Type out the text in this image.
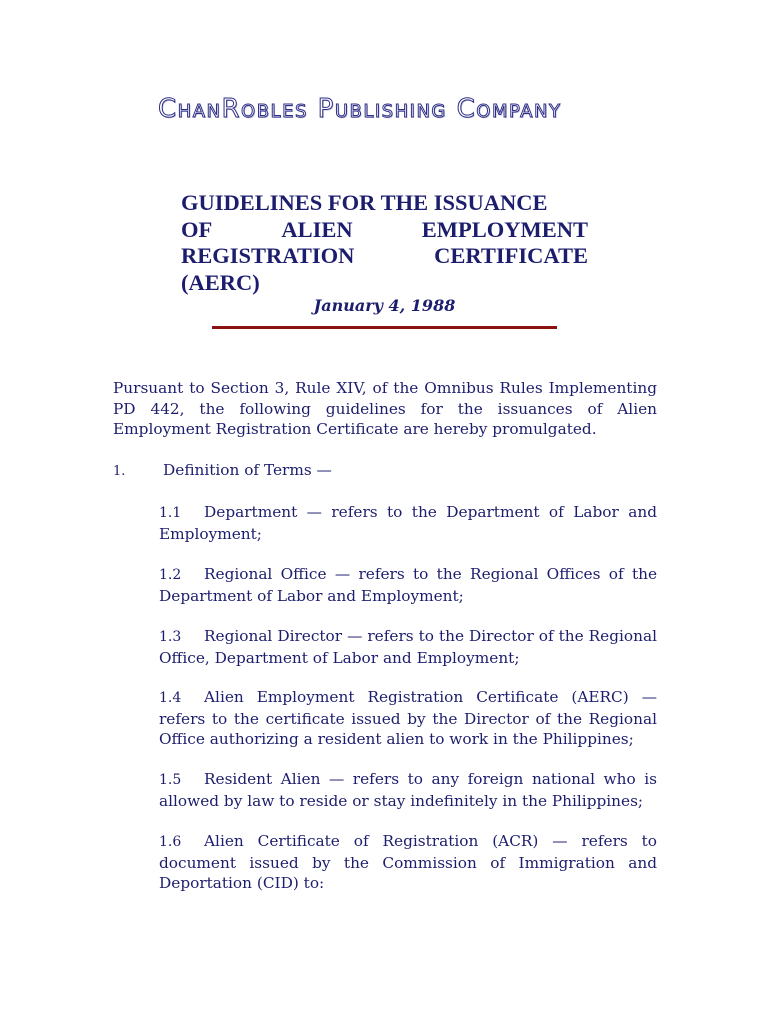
ChanRobles Publishing Company
GUIDELINES FOR THE ISSUANCE
OF	ALIEN	EMPLOYMENT
REGISTRATION	CERTIFICATE
(AERC)
January 4, 1988

Pursuant to Section 3, Rule XIV, of the Omnibus Rules Implementing PD 442, the following guidelines for the issuances of Alien Employment Registration Certificate are hereby promulgated.

1. Definition of Terms —
1.1 Department — refers to the Department of Labor and Employment;
1.2 Regional Office — refers to the Regional Offices of the Department of Labor and Employment;
1.3 Regional Director — refers to the Director of the Regional Office, Department of Labor and Employment;
1.4 Alien Employment Registration Certificate (AERC) — refers to the certificate issued by the Director of the Regional Office authorizing a resident alien to work in the Philippines;
1.5 Resident Alien — refers to any foreign national who is allowed by law to reside or stay indefinitely in the Philippines;
1.6 Alien Certificate of Registration (ACR) — refers to document issued by the Commission of Immigration and Deportation (CID) to:
